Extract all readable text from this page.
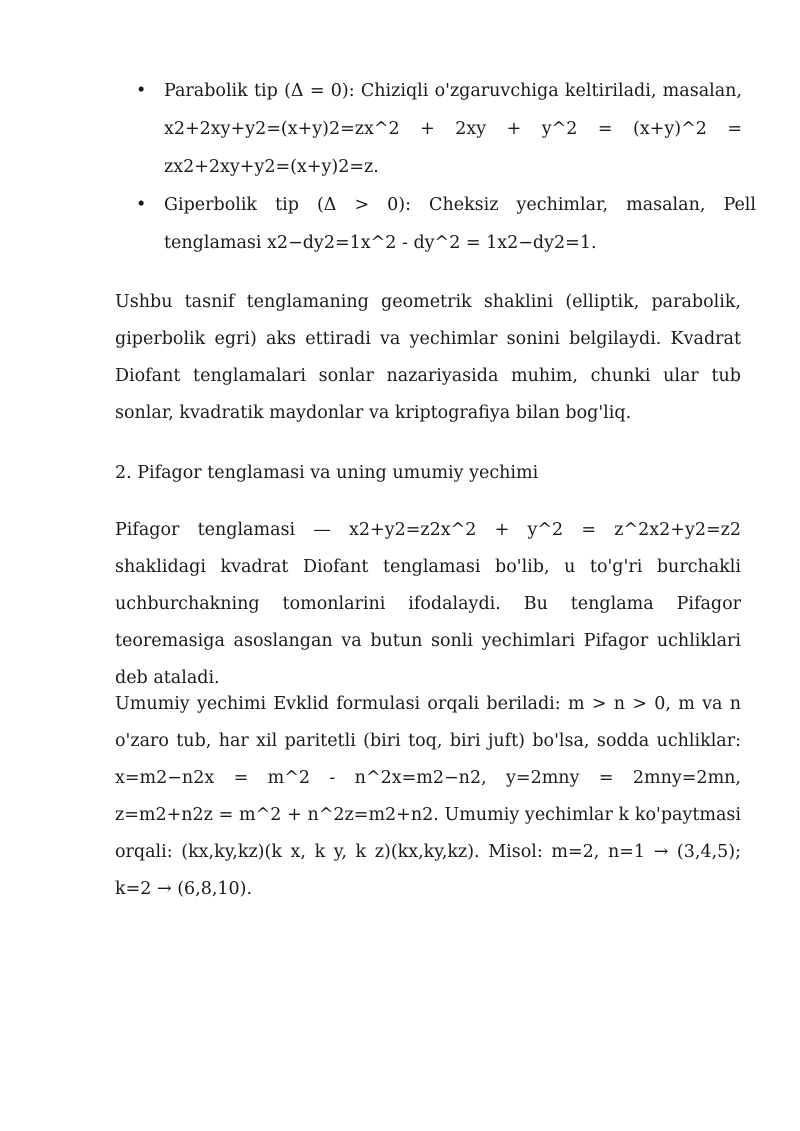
• Parabolik tip (Δ = 0): Chiziqli o'zgaruvchiga keltiriladi, masalan, x2+2xy+y2=(x+y)2=zx^2 + 2xy + y^2 = (x+y)^2 = zx2+2xy+y2=(x+y)2=z.
• Giperbolik tip (Δ > 0): Cheksiz yechimlar, masalan, Pell tenglamasi x2−dy2=1x^2 - dy^2 = 1x2−dy2=1.

Ushbu tasnif tenglamaning geometrik shaklini (elliptik, parabolik, giperbolik egri) aks ettiradi va yechimlar sonini belgilaydi. Kvadrat Diofant tenglamalari sonlar nazariyasida muhim, chunki ular tub sonlar, kvadratik maydonlar va kriptografiya bilan bog'liq.

2. Pifagor tenglamasi va uning umumiy yechimi

Pifagor tenglamasi — x2+y2=z2x^2 + y^2 = z^2x2+y2=z2 shaklidagi kvadrat Diofant tenglamasi bo'lib, u to'g'ri burchakli uchburchakning tomonlarini ifodalaydi. Bu tenglama Pifagor teoremasiga asoslangan va butun sonli yechimlari Pifagor uchliklari deb ataladi.

Umumiy yechimi Evklid formulasi orqali beriladi: m > n > 0, m va n o'zaro tub, har xil paritetli (biri toq, biri juft) bo'lsa, sodda uchliklar: x=m2−n2x = m^2 - n^2x=m2−n2, y=2mny = 2mny=2mn, z=m2+n2z = m^2 + n^2z=m2+n2. Umumiy yechimlar k ko'paytmasi orqali: (kx,ky,kz)(k x, k y, k z)(kx,ky,kz). Misol: m=2, n=1 → (3,4,5); k=2 → (6,8,10).
